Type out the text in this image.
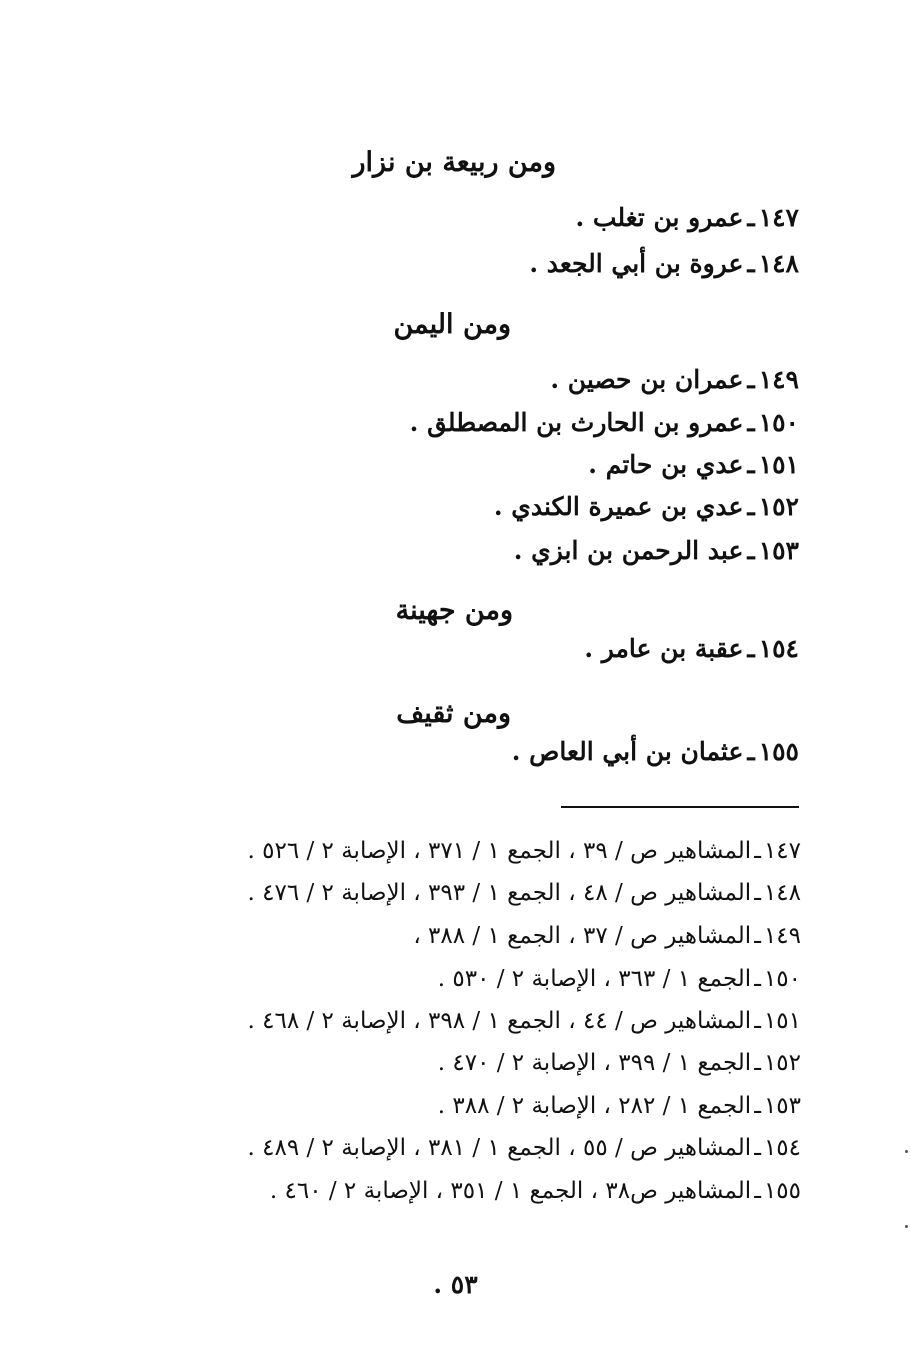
ومن ربيعة بن نزار
١٤٧ـعمرو بن تغلب .
١٤٨ـعروة بن أبي الجعد .
ومن اليمن
١٤٩ـعمران بن حصين .
١٥٠ـعمرو بن الحارث بن المصطلق .
١٥١ـعدي بن حاتم .
١٥٢ـعدي بن عميرة الكندي .
١٥٣ـعبد الرحمن بن ابزي .
ومن جهينة
١٥٤ـعقبة بن عامر .
ومن ثقيف
١٥٥ـعثمان بن أبي العاص .
١٤٧ـالمشاهير ص / ٣٩ ، الجمع ١ / ٣٧١ ، الإصابة ٢ / ٥٢٦ .
١٤٨ـالمشاهير ص / ٤٨ ، الجمع ١ / ٣٩٣ ، الإصابة ٢ / ٤٧٦ .
١٤٩ـالمشاهير ص / ٣٧ ، الجمع ١ / ٣٨٨ ،
١٥٠ـالجمع ١ / ٣٦٣ ، الإصابة ٢ / ٥٣٠ .
١٥١ـالمشاهير ص / ٤٤ ، الجمع ١ / ٣٩٨ ، الإصابة ٢ / ٤٦٨ .
١٥٢ـالجمع ١ / ٣٩٩ ، الإصابة ٢ / ٤٧٠ .
١٥٣ـالجمع ١ / ٢٨٢ ، الإصابة ٢ / ٣٨٨ .
١٥٤ـالمشاهير ص / ٥٥ ، الجمع ١ / ٣٨١ ، الإصابة ٢ / ٤٨٩ .
١٥٥ـالمشاهير ص٣٨ ، الجمع ١ / ٣٥١ ، الإصابة ٢ / ٤٦٠ .
٥٣ .
